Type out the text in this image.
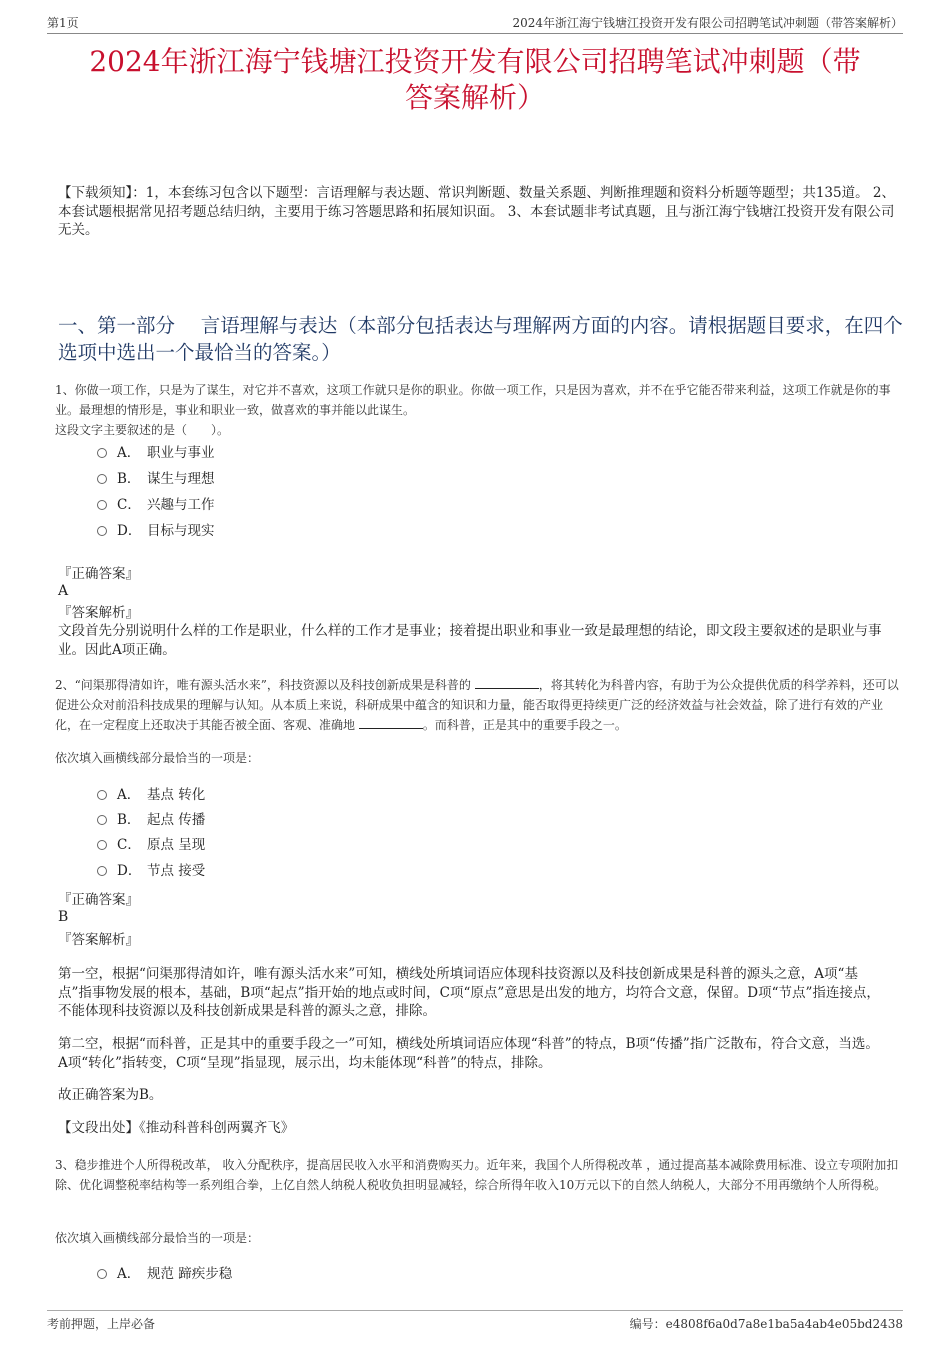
第1页	2024年浙江海宁钱塘江投资开发有限公司招聘笔试冲刺题（带答案解析）
2024年浙江海宁钱塘江投资开发有限公司招聘笔试冲刺题（带
答案解析）
【下载须知】：1，本套练习包含以下题型：言语理解与表达题、常识判断题、数量关系题、判断推理题和资料分析题等题型；共135道。 2、本套试题根据常见招考题总结归纳，主要用于练习答题思路和拓展知识面。 3、本套试题非考试真题，且与浙江海宁钱塘江投资开发有限公司无关。
一、第一部分　 言语理解与表达（本部分包括表达与理解两方面的内容。请根据题目要求，在四个选项中选出一个最恰当的答案。）
1、你做一项工作，只是为了谋生，对它并不喜欢，这项工作就只是你的职业。你做一项工作，只是因为喜欢，并不在乎它能否带来利益，这项工作就是你的事业。最理想的情形是，事业和职业一致，做喜欢的事并能以此谋生。
这段文字主要叙述的是（　　）。
A． 职业与事业
B． 谋生与理想
C． 兴趣与工作
D． 目标与现实
『正确答案』
A
『答案解析』
文段首先分别说明什么样的工作是职业，什么样的工作才是事业；接着提出职业和事业一致是最理想的结论，即文段主要叙述的是职业与事业。因此A项正确。
2、“问渠那得清如许，唯有源头活水来”，科技资源以及科技创新成果是科普的	，将其转化为科普内容，有助于为公众提供优质的科学养料，还可以促进公众对前沿科技成果的理解与认知。从本质上来说，科研成果中蕴含的知识和力量，能否取得更持续更广泛的经济效益与社会效益，除了进行有效的产业化，在一定程度上还取决于其能否被全面、客观、准确地	。而科普，正是其中的重要手段之一。
依次填入画横线部分最恰当的一项是：
A． 基点 转化
B． 起点 传播
C． 原点 呈现
D． 节点 接受
『正确答案』
B
『答案解析』
第一空，根据“问渠那得清如许，唯有源头活水来”可知，横线处所填词语应体现科技资源以及科技创新成果是科普的源头之意，A项“基点”指事物发展的根本，基础，B项“起点”指开始的地点或时间，C项“原点”意思是出发的地方，均符合文意，保留。D项“节点”指连接点，不能体现科技资源以及科技创新成果是科普的源头之意，排除。
第二空，根据“而科普，正是其中的重要手段之一”可知，横线处所填词语应体现“科普”的特点，B项“传播”指广泛散布，符合文意，当选。A项“转化”指转变，C项“呈现”指显现，展示出，均未能体现“科普”的特点，排除。
故正确答案为B。
【文段出处】《推动科普科创两翼齐飞》
3、稳步推进个人所得税改革， 收入分配秩序，提高居民收入水平和消费购买力。近年来，我国个人所得税改革 ，通过提高基本减除费用标准、设立专项附加扣除、优化调整税率结构等一系列组合拳，上亿自然人纳税人税收负担明显减轻，综合所得年收入10万元以下的自然人纳税人，大部分不用再缴纳个人所得税。
依次填入画横线部分最恰当的一项是：
A． 规范 蹄疾步稳
考前押题，上岸必备	编号：e4808f6a0d7a8e1ba5a4ab4e05bd2438
